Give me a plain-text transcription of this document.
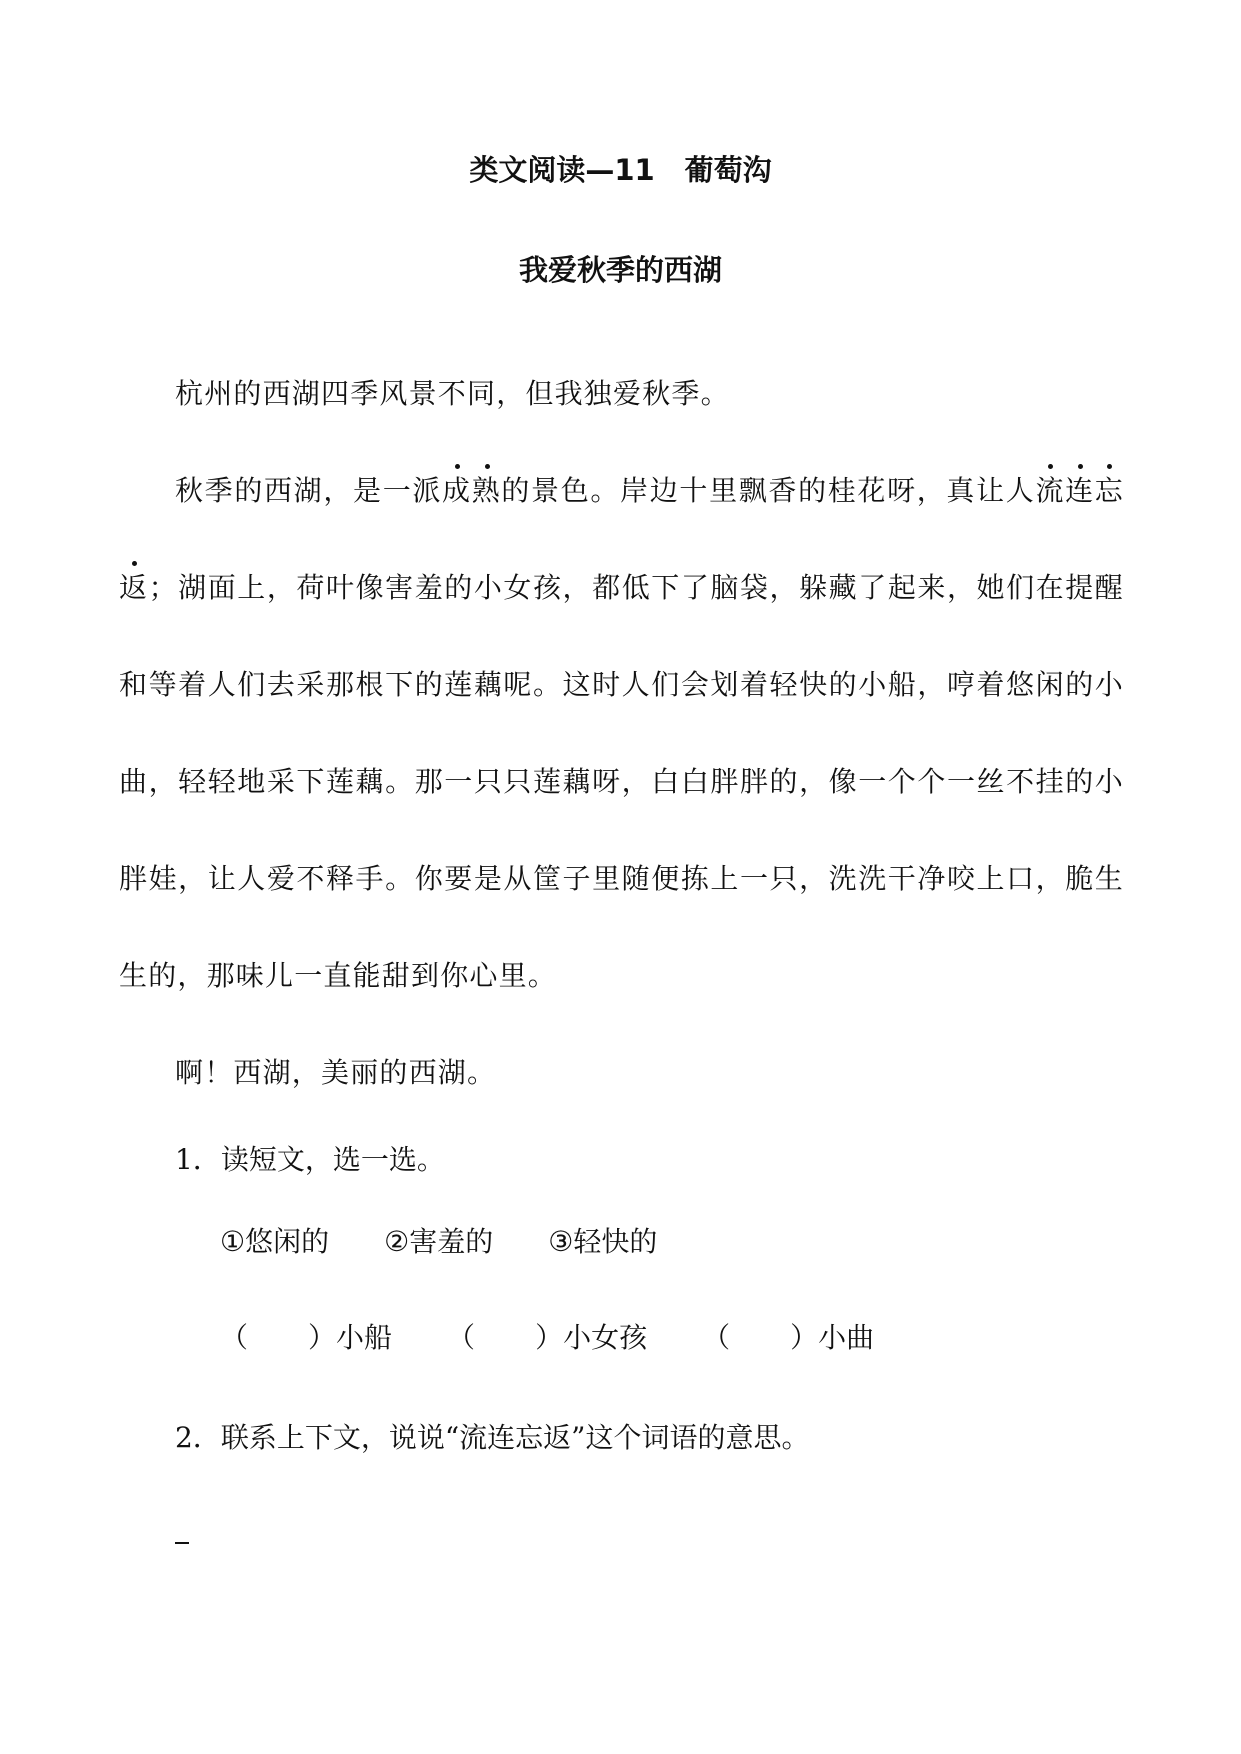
类文阅读—11 葡萄沟
我爱秋季的西湖

杭州的西湖四季风景不同，但我独爱秋季。

秋季的西湖，是一派成熟的景色。岸边十里飘香的桂花呀，真让人流连忘返；湖面上，荷叶像害羞的小女孩，都低下了脑袋，躲藏了起来，她们在提醒和等着人们去采那根下的莲藕呢。这时人们会划着轻快的小船，哼着悠闲的小曲，轻轻地采下莲藕。那一只只莲藕呀，白白胖胖的，像一个个一丝不挂的小胖娃，让人爱不释手。你要是从筐子里随便拣上一只，洗洗干净咬上口，脆生生的，那味儿一直能甜到你心里。

啊！西湖，美丽的西湖。

1．读短文，选一选。

①悠闲的 ②害羞的 ③轻快的
（ ） 小船 （ ） 小女孩 （ ） 小曲

2．联系上下文，说说“流连忘返”这个词语的意思。
